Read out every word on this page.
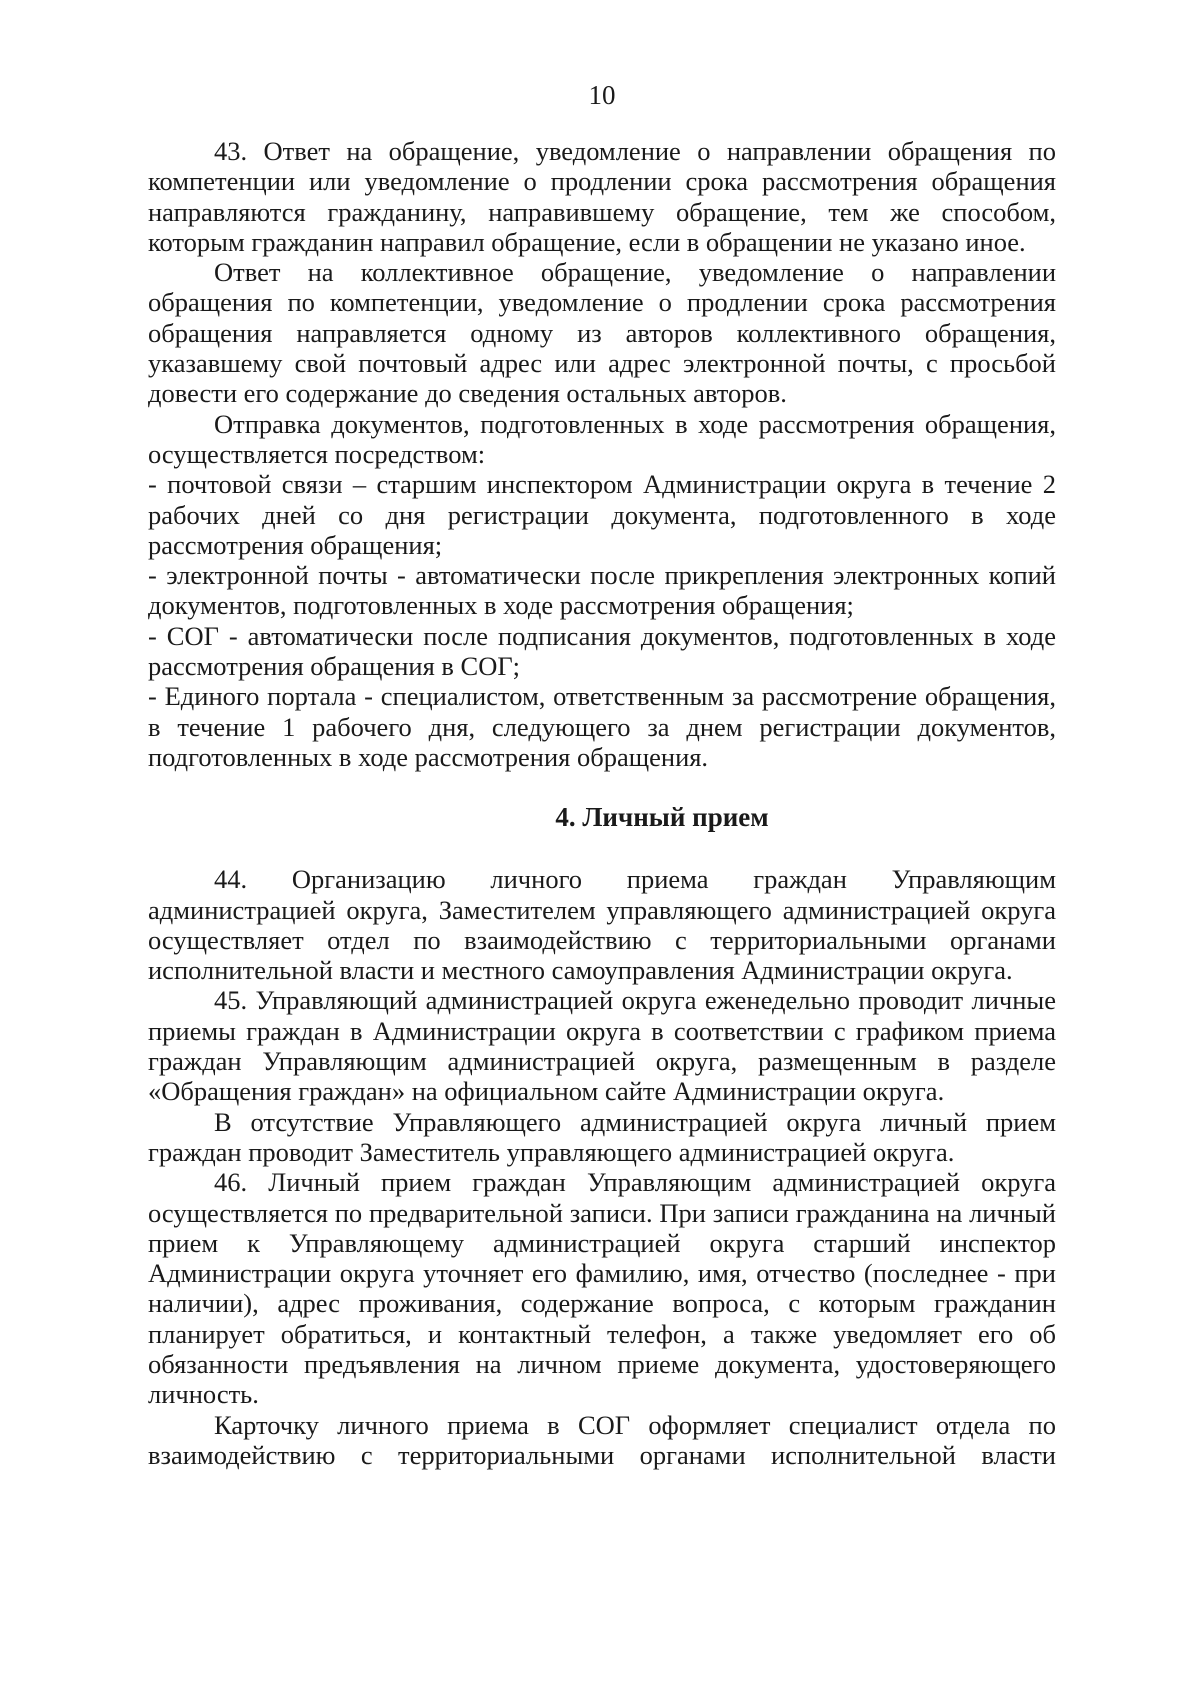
10

43. Ответ на обращение, уведомление о направлении обращения по компетенции или уведомление о продлении срока рассмотрения обращения направляются гражданину, направившему обращение, тем же способом, которым гражданин направил обращение, если в обращении не указано иное.

Ответ на коллективное обращение, уведомление о направлении обращения по компетенции, уведомление о продлении срока рассмотрения обращения направляется одному из авторов коллективного обращения, указавшему свой почтовый адрес или адрес электронной почты, с просьбой довести его содержание до сведения остальных авторов.

Отправка документов, подготовленных в ходе рассмотрения обращения, осуществляется посредством:

- почтовой связи – старшим инспектором Администрации округа в течение 2 рабочих дней со дня регистрации документа, подготовленного в ходе рассмотрения обращения;

- электронной почты - автоматически после прикрепления электронных копий документов, подготовленных в ходе рассмотрения обращения;

- СОГ - автоматически после подписания документов, подготовленных в ходе рассмотрения обращения в СОГ;

- Единого портала - специалистом, ответственным за рассмотрение обращения, в течение 1 рабочего дня, следующего за днем регистрации документов, подготовленных в ходе рассмотрения обращения.

4. Личный прием

44. Организацию личного приема граждан Управляющим администрацией округа, Заместителем управляющего администрацией округа осуществляет отдел по взаимодействию с территориальными органами исполнительной власти и местного самоуправления Администрации округа.

45. Управляющий администрацией округа еженедельно проводит личные приемы граждан в Администрации округа в соответствии с графиком приема граждан Управляющим администрацией округа, размещенным в разделе «Обращения граждан» на официальном сайте Администрации округа.

В отсутствие Управляющего администрацией округа личный прием граждан проводит Заместитель управляющего администрацией округа.

46. Личный прием граждан Управляющим администрацией округа осуществляется по предварительной записи. При записи гражданина на личный прием к Управляющему администрацией округа старший инспектор Администрации округа уточняет его фамилию, имя, отчество (последнее - при наличии), адрес проживания, содержание вопроса, с которым гражданин планирует обратиться, и контактный телефон, а также уведомляет его об обязанности предъявления на личном приеме документа, удостоверяющего личность.

Карточку личного приема в СОГ оформляет специалист отдела по взаимодействию с территориальными органами исполнительной власти
